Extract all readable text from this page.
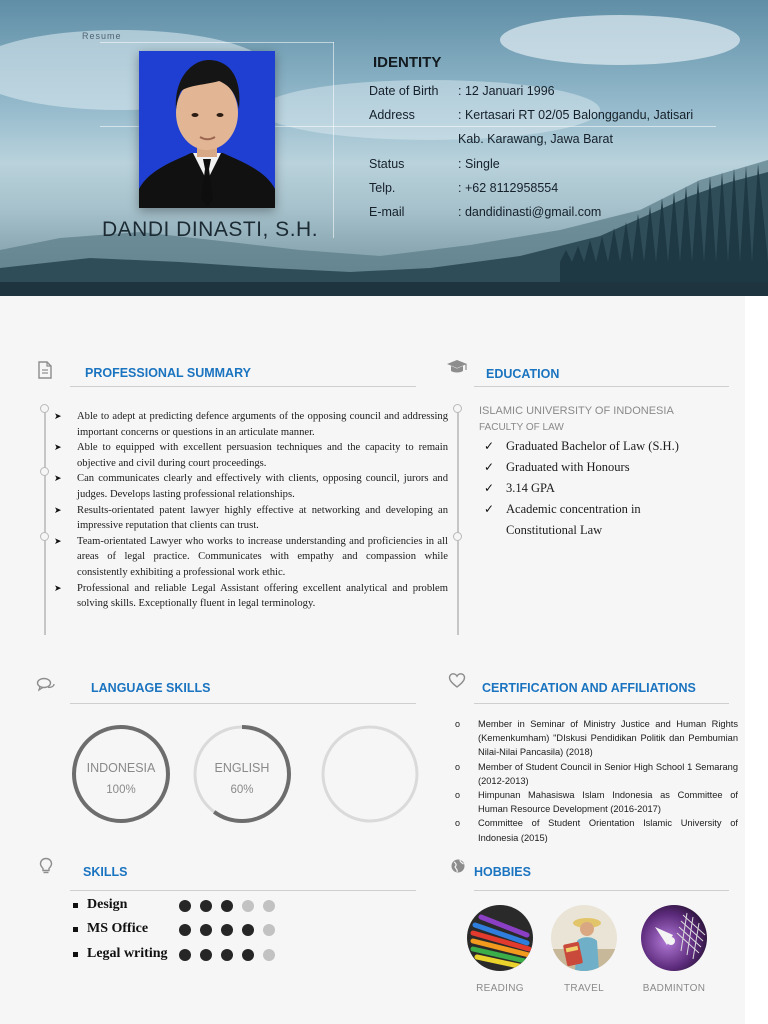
Resume
DANDI DINASTI, S.H.
IDENTITY
Date of Birth	: 12 Januari 1996
Address	: Kertasari RT 02/05 Balonggandu, Jatisari
Kab. Karawang, Jawa Barat
Status	: Single
Telp.	: +62 8112958554
E-mail	: dandidinasti@gmail.com
PROFESSIONAL SUMMARY
➤ Able to adept at predicting defence arguments of the opposing council and addressing important concerns or questions in an articulate manner.
➤ Able to equipped with excellent persuasion techniques and the capacity to remain objective and civil during court proceedings.
➤ Can communicates clearly and effectively with clients, opposing council, jurors and judges. Develops lasting professional relationships.
➤ Results-orientated patent lawyer highly effective at networking and developing an impressive reputation that clients can trust.
➤ Team-orientated Lawyer who works to increase understanding and proficiencies in all areas of legal practice. Communicates with empathy and compassion while consistently exhibiting a professional work ethic.
➤ Professional and reliable Legal Assistant offering excellent analytical and problem solving skills. Exceptionally fluent in legal terminology.
EDUCATION
ISLAMIC UNIVERSITY OF INDONESIA
FACULTY OF LAW
✓ Graduated Bachelor of Law (S.H.)
✓ Graduated with Honours
✓ 3.14 GPA
✓ Academic concentration in Constitutional Law
LANGUAGE SKILLS
INDONESIA
100%
ENGLISH
60%
CERTIFICATION AND AFFILIATIONS
o Member in Seminar of Ministry Justice and Human Rights (Kemenkumham) "DIskusi Pendidikan Politik dan Pembumian Nilai-Nilai Pancasila) (2018)
o Member of Student Council in Senior High School 1 Semarang (2012-2013)
o Himpunan Mahasiswa Islam Indonesia as Committee of Human Resource Development (2016-2017)
o Committee of Student Orientation Islamic University of Indonesia (2015)
SKILLS
Design
MS Office
Legal writing
HOBBIES
READING	TRAVEL	BADMINTON
